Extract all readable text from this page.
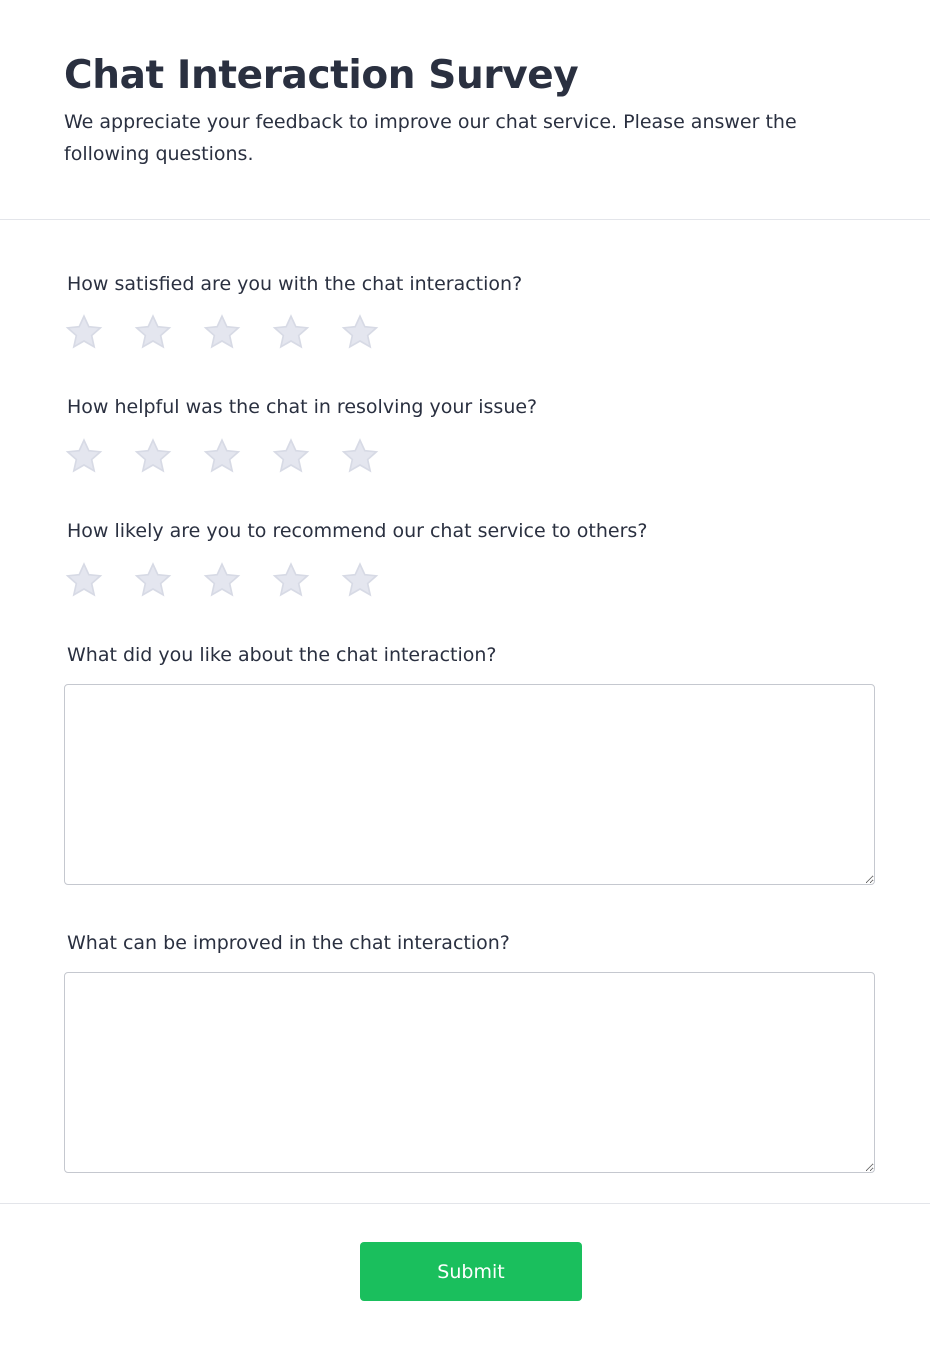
Chat Interaction Survey

We appreciate your feedback to improve our chat service. Please answer the following questions.

How satisfied are you with the chat interaction?

How helpful was the chat in resolving your issue?

How likely are you to recommend our chat service to others?

What did you like about the chat interaction?

What can be improved in the chat interaction?

Submit
